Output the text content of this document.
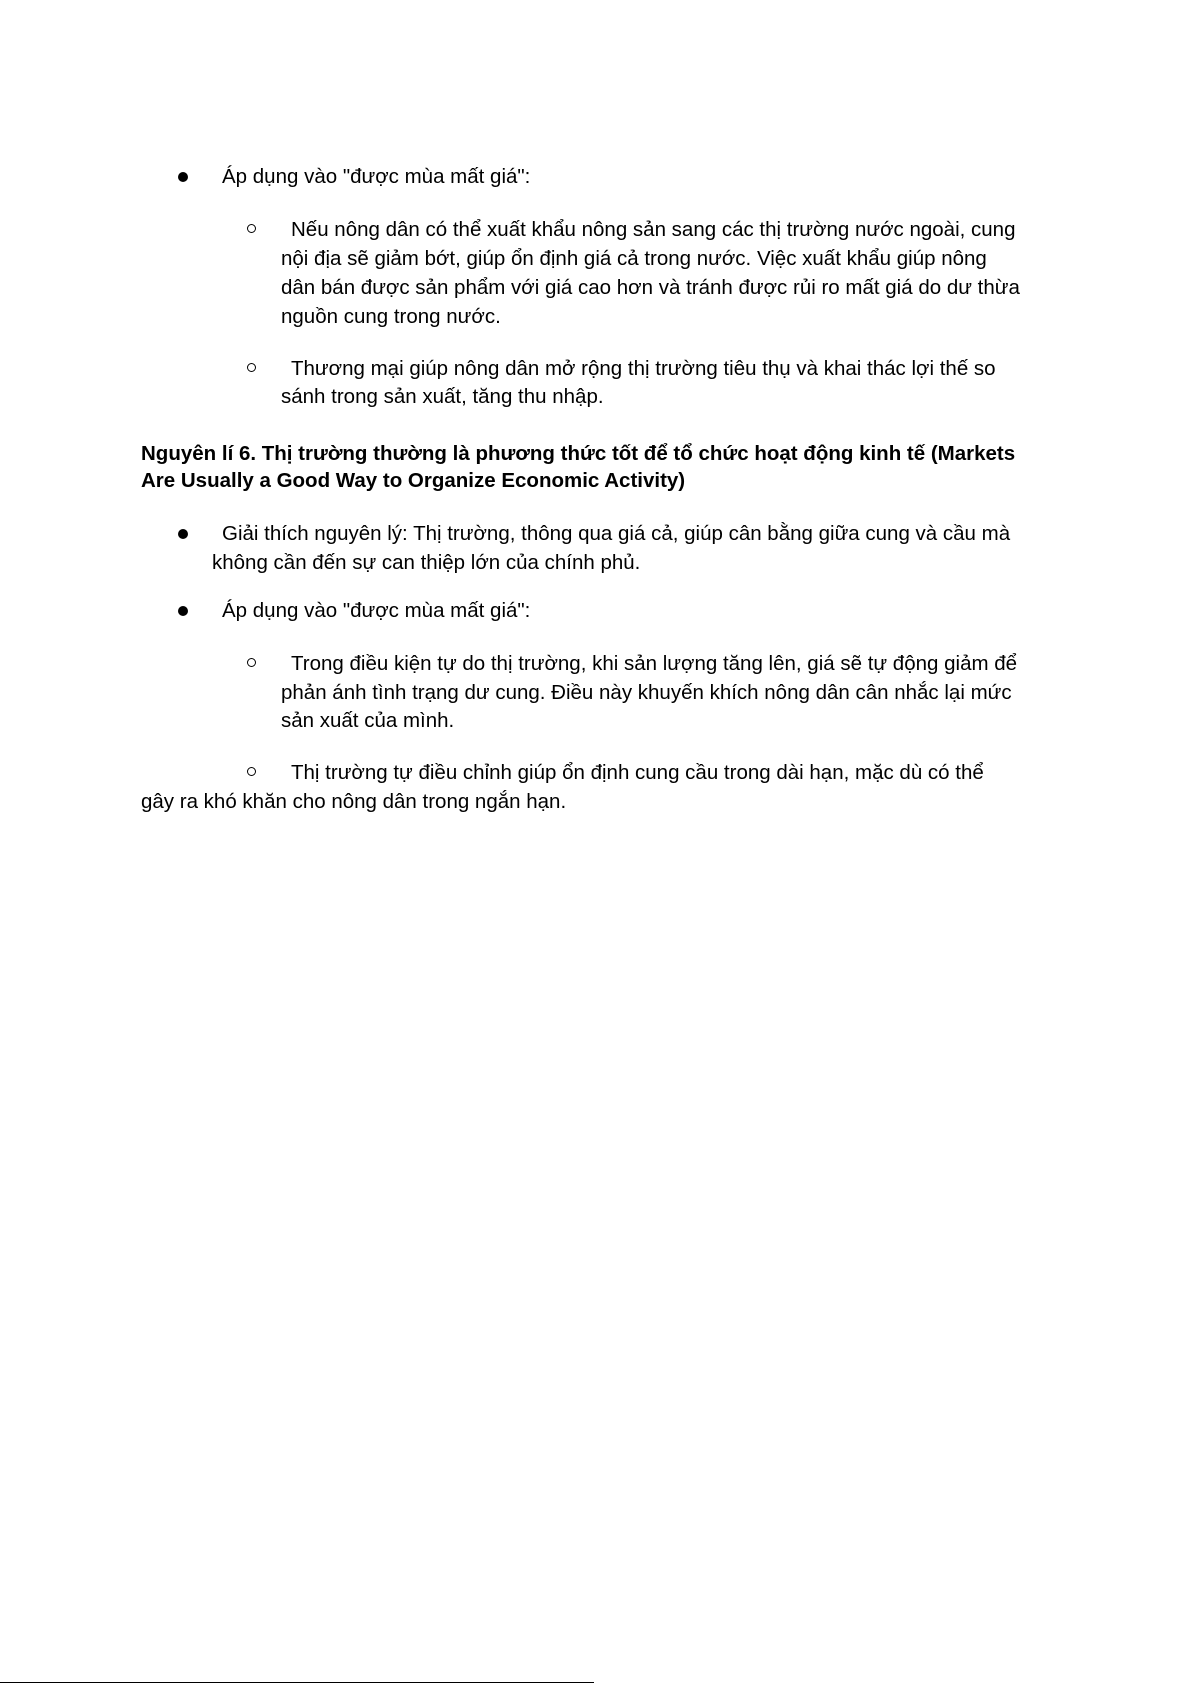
Áp dụng vào "được mùa mất giá":
Nếu nông dân có thể xuất khẩu nông sản sang các thị trường nước ngoài, cung
nội địa sẽ giảm bớt, giúp ổn định giá cả trong nước. Việc xuất khẩu giúp nông
dân bán được sản phẩm với giá cao hơn và tránh được rủi ro mất giá do dư thừa
nguồn cung trong nước.
Thương mại giúp nông dân mở rộng thị trường tiêu thụ và khai thác lợi thế so
sánh trong sản xuất, tăng thu nhập.
Nguyên lí 6. Thị trường thường là phương thức tốt để tổ chức hoạt động kinh tế (Markets
Are Usually a Good Way to Organize Economic Activity)
Giải thích nguyên lý: Thị trường, thông qua giá cả, giúp cân bằng giữa cung và cầu mà
không cần đến sự can thiệp lớn của chính phủ.
Áp dụng vào "được mùa mất giá":
Trong điều kiện tự do thị trường, khi sản lượng tăng lên, giá sẽ tự động giảm để
phản ánh tình trạng dư cung. Điều này khuyến khích nông dân cân nhắc lại mức
sản xuất của mình.
Thị trường tự điều chỉnh giúp ổn định cung cầu trong dài hạn, mặc dù có thể
gây ra khó khăn cho nông dân trong ngắn hạn.
